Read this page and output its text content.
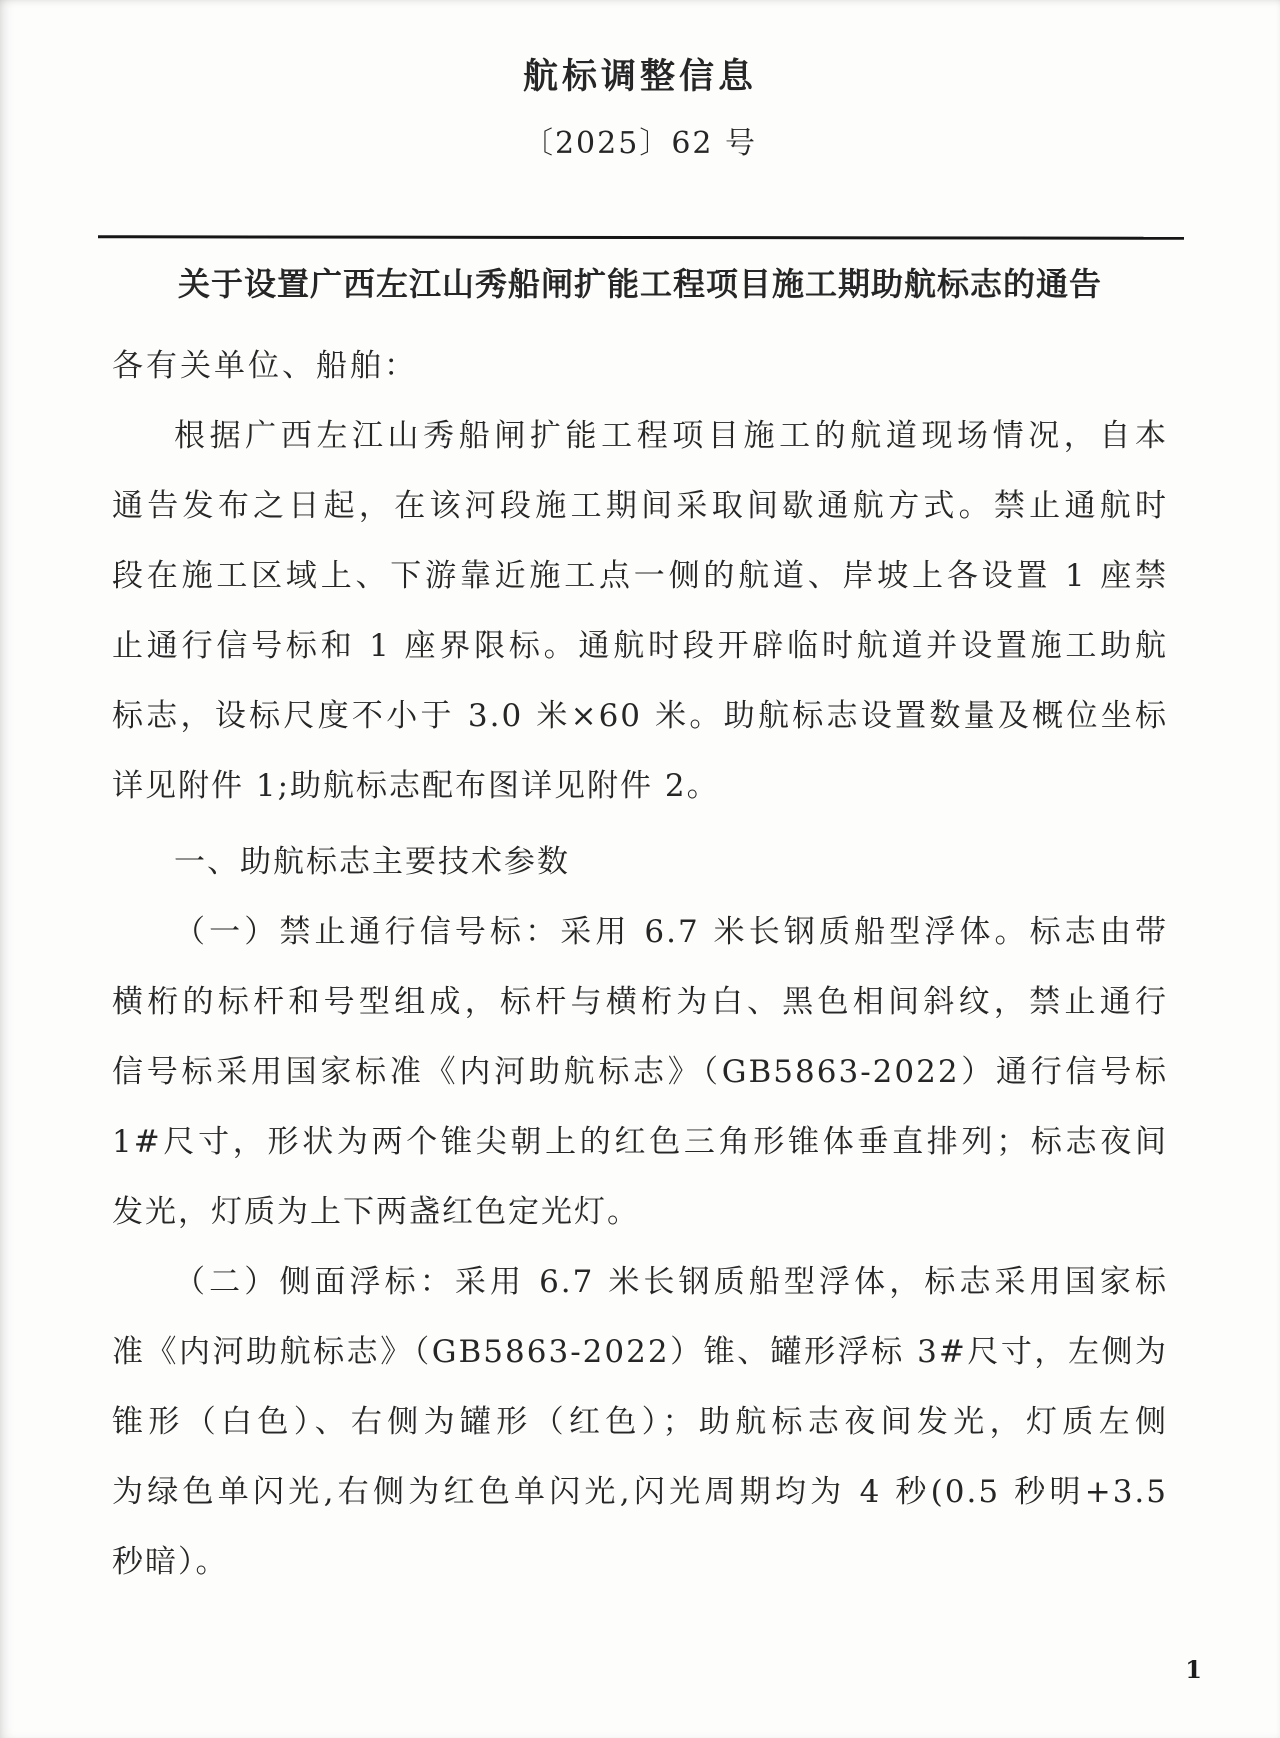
航标调整信息
〔2025〕62 号
关于设置广西左江山秀船闸扩能工程项目施工期助航标志的通告
各有关单位、船舶：
根据广西左江山秀船闸扩能工程项目施工的航道现场情况，自本
通告发布之日起，在该河段施工期间采取间歇通航方式。禁止通航时
段在施工区域上、下游靠近施工点一侧的航道、岸坡上各设置 1 座禁
止通行信号标和 1 座界限标。通航时段开辟临时航道并设置施工助航
标志，设标尺度不小于 3.0 米×60 米。助航标志设置数量及概位坐标
详见附件 1;助航标志配布图详见附件 2。
一、助航标志主要技术参数
（一）禁止通行信号标：采用 6.7 米长钢质船型浮体。标志由带
横桁的标杆和号型组成，标杆与横桁为白、黑色相间斜纹，禁止通行
信号标采用国家标准《内河助航标志》（GB5863-2022）通行信号标
1#尺寸，形状为两个锥尖朝上的红色三角形锥体垂直排列；标志夜间
发光，灯质为上下两盏红色定光灯。
（二）侧面浮标：采用 6.7 米长钢质船型浮体，标志采用国家标
准《内河助航标志》（GB5863-2022）锥、罐形浮标 3#尺寸，左侧为
锥形（白色）、右侧为罐形（红色）；助航标志夜间发光，灯质左侧
为绿色单闪光,右侧为红色单闪光,闪光周期均为 4 秒(0.5 秒明+3.5
秒暗）。
1
